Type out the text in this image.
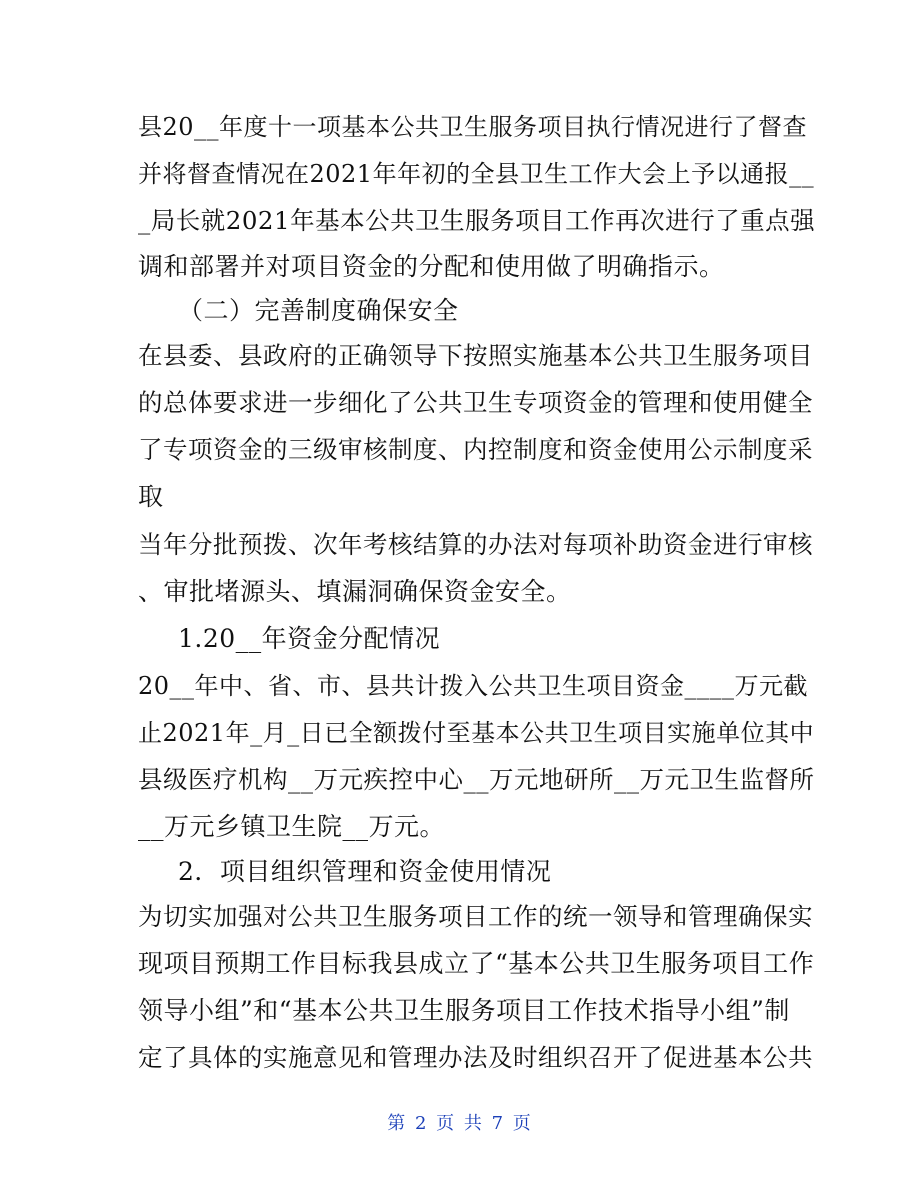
县20__年度十一项基本公共卫生服务项目执行情况进行了督查
并将督查情况在2021年年初的全县卫生工作大会上予以通报__
_局长就2021年基本公共卫生服务项目工作再次进行了重点强
调和部署并对项目资金的分配和使用做了明确指示。
（二）完善制度确保安全
在县委、县政府的正确领导下按照实施基本公共卫生服务项目
的总体要求进一步细化了公共卫生专项资金的管理和使用健全
了专项资金的三级审核制度、内控制度和资金使用公示制度采
取
当年分批预拨、次年考核结算的办法对每项补助资金进行审核
、审批堵源头、填漏洞确保资金安全。
1.20__年资金分配情况
20__年中、省、市、县共计拨入公共卫生项目资金____万元截
止2021年_月_日已全额拨付至基本公共卫生项目实施单位其中
县级医疗机构__万元疾控中心__万元地研所__万元卫生监督所
__万元乡镇卫生院__万元。
2．项目组织管理和资金使用情况
为切实加强对公共卫生服务项目工作的统一领导和管理确保实
现项目预期工作目标我县成立了“基本公共卫生服务项目工作
领导小组”和“基本公共卫生服务项目工作技术指导小组”制
定了具体的实施意见和管理办法及时组织召开了促进基本公共
第 2 页 共 7 页
